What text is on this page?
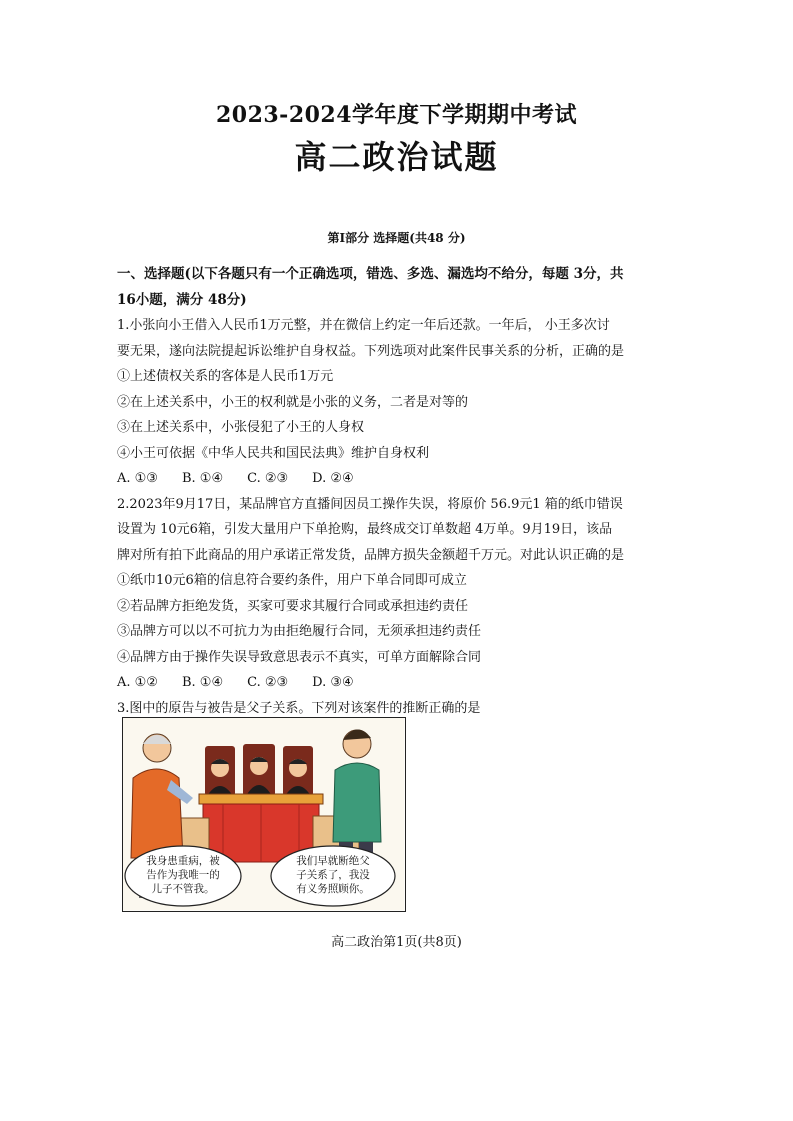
2023-2024学年度下学期期中考试
高二政治试题
第Ⅰ部分 选择题(共48 分)

一、选择题(以下各题只有一个正确选项，错选、多选、漏选均不给分，每题 3分，共

16小题，满分 48分)

1.小张向小王借入人民币1万元整，并在微信上约定一年后还款。一年后， 小王多次讨

要无果，遂向法院提起诉讼维护自身权益。下列选项对此案件民事关系的分析，正确的是

①上述债权关系的客体是人民币1万元

②在上述关系中，小王的权利就是小张的义务，二者是对等的

③在上述关系中，小张侵犯了小王的人身权

④小王可依据《中华人民共和国民法典》维护自身权利

A. ①③ B. ①④ C. ②③ D. ②④

2.2023年9月17日，某品牌官方直播间因员工操作失误，将原价 56.9元1 箱的纸巾错误

设置为 10元6箱，引发大量用户下单抢购，最终成交订单数超 4万单。9月19日，该品

牌对所有拍下此商品的用户承诺正常发货，品牌方损失金额超千万元。对此认识正确的是

①纸巾10元6箱的信息符合要约条件，用户下单合同即可成立

②若品牌方拒绝发货，买家可要求其履行合同或承担违约责任

③品牌方可以以不可抗力为由拒绝履行合同，无须承担违约责任

④品牌方由于操作失误导致意思表示不真实，可单方面解除合同

A. ①② B. ①④ C. ②③ D. ③④

3.图中的原告与被告是父子关系。下列对该案件的推断正确的是

我身患重病，被
告作为我唯一的
儿子不管我。
我们早就断绝父
子关系了，我没
有义务照顾你。
高二政治第1页(共8页)
